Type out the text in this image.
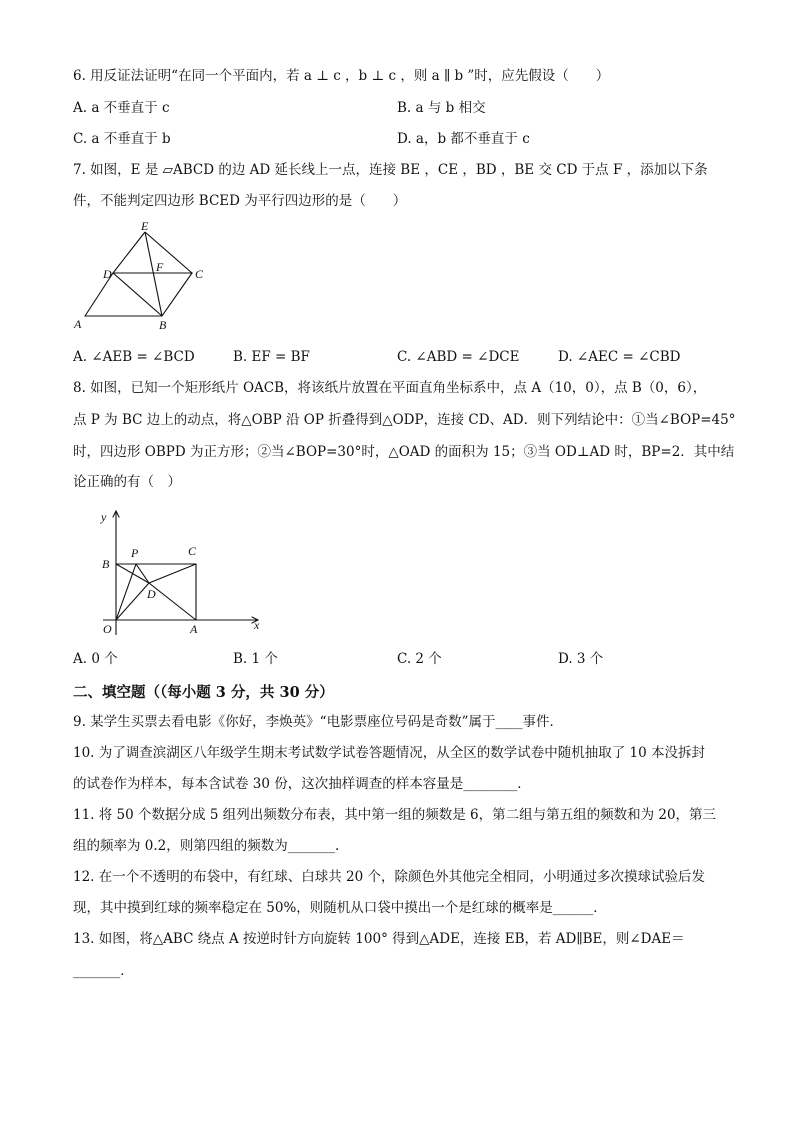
6. 用反证法证明“在同一个平面内，若 a ⊥ c ，b ⊥ c ，则 a ∥ b ”时，应先假设（　　）
A. a 不垂直于 c	B. a 与 b 相交
C. a 不垂直于 b	D. a，b 都不垂直于 c
7. 如图，E 是 ▱ABCD 的边 AD 延长线上一点，连接 BE ，CE ，BD ，BE 交 CD 于点 F ，添加以下条
件，不能判定四边形 BCED 为平行四边形的是（　　）
E
D	F	C
A	B
A. ∠AEB = ∠BCD	B. EF = BF	C. ∠ABD = ∠DCE	D. ∠AEC = ∠CBD
8. 如图，已知一个矩形纸片 OACB，将该纸片放置在平面直角坐标系中，点 A（10，0），点 B（0，6），
点 P 为 BC 边上的动点，将△OBP 沿 OP 折叠得到△ODP，连接 CD、AD．则下列结论中：①当∠BOP=45°
时，四边形 OBPD 为正方形；②当∠BOP=30°时，△OAD 的面积为 15；③当 OD⊥AD 时，BP=2．其中结
论正确的有（　）
y
x
B
P	C
D
O	A
A. 0 个	B. 1 个	C. 2 个	D. 3 个
二、填空题（（每小题 3 分，共 30 分）
9. 某学生买票去看电影《你好，李焕英》“电影票座位号码是奇数”属于____事件．
10. 为了调查滨湖区八年级学生期末考试数学试卷答题情况，从全区的数学试卷中随机抽取了 10 本没拆封
的试卷作为样本，每本含试卷 30 份，这次抽样调查的样本容量是________．
11. 将 50 个数据分成 5 组列出频数分布表，其中第一组的频数是 6，第二组与第五组的频数和为 20，第三
组的频率为 0.2，则第四组的频数为_______.
12. 在一个不透明的布袋中，有红球、白球共 20 个，除颜色外其他完全相同，小明通过多次摸球试验后发
现，其中摸到红球的频率稳定在 50%，则随机从口袋中摸出一个是红球的概率是______．
13. 如图，将△ABC 绕点 A 按逆时针方向旋转 100° 得到△ADE，连接 EB，若 AD∥BE，则∠DAE＝
_______．
